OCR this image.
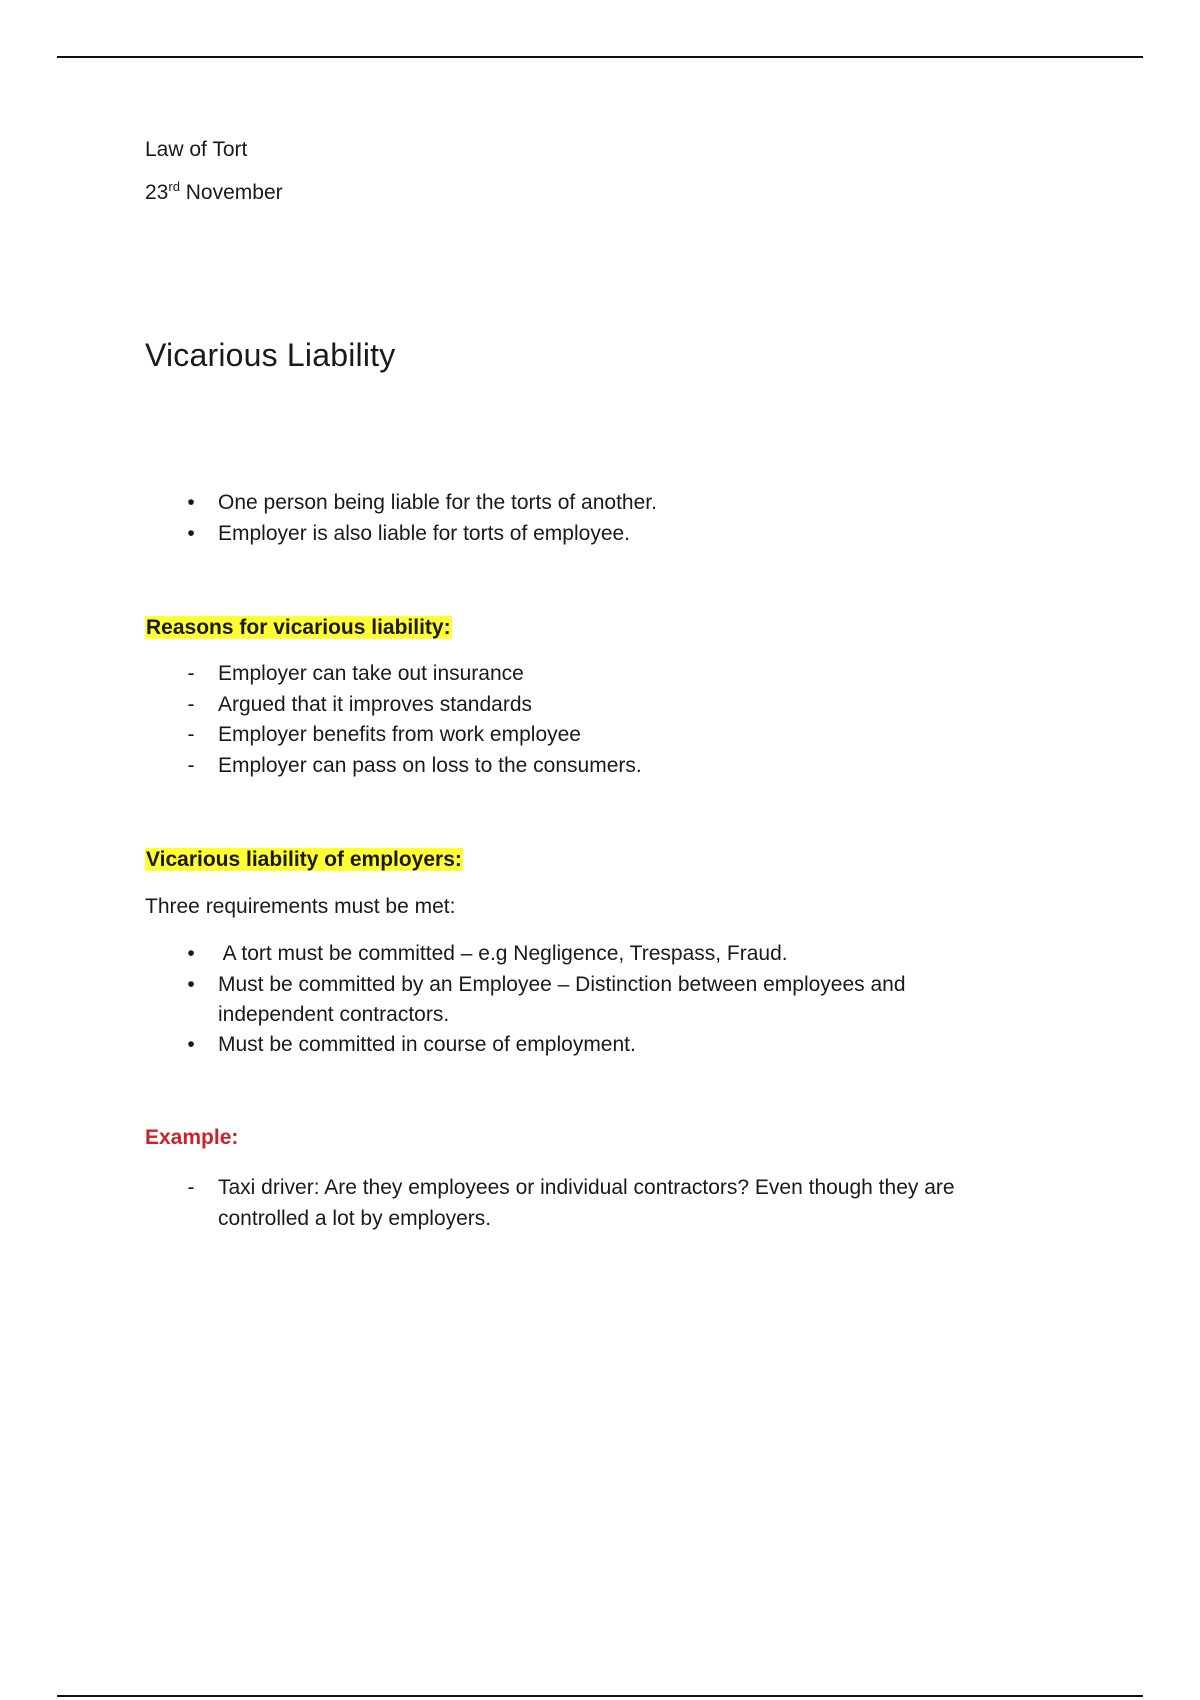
Law of Tort

23rd November

Vicarious Liability
•	One person being liable for the torts of another.
•	Employer is also liable for torts of employee.

Reasons for vicarious liability:

-	Employer can take out insurance
-	Argued that it improves standards
-	Employer benefits from work employee
-	Employer can pass on loss to the consumers.

Vicarious liability of employers:

Three requirements must be met:

•	A tort must be committed – e.g Negligence, Trespass, Fraud.
•	Must be committed by an Employee – Distinction between employees and independent contractors.
•	Must be committed in course of employment.

Example:

-	Taxi driver: Are they employees or individual contractors? Even though they are controlled a lot by employers.
